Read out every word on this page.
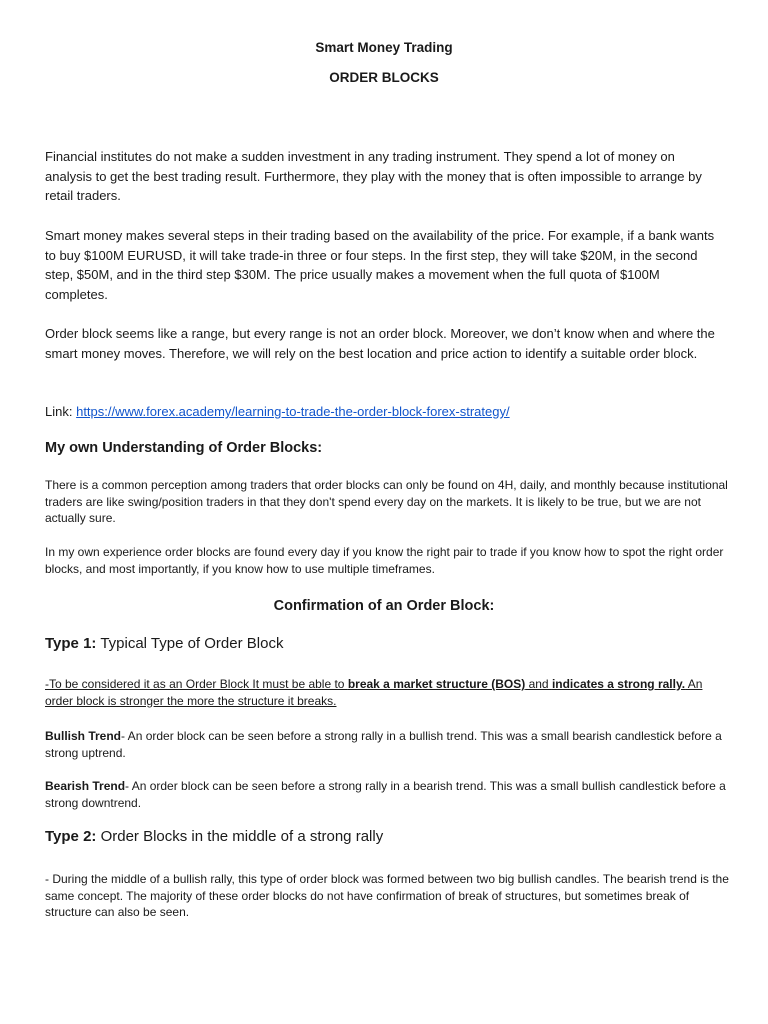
Smart Money Trading
ORDER BLOCKS
Financial institutes do not make a sudden investment in any trading instrument. They spend a lot of money on analysis to get the best trading result. Furthermore, they play with the money that is often impossible to arrange by retail traders.
Smart money makes several steps in their trading based on the availability of the price. For example, if a bank wants to buy $100M EURUSD, it will take trade-in three or four steps. In the first step, they will take $20M, in the second step, $50M, and in the third step $30M. The price usually makes a movement when the full quota of $100M completes.
Order block seems like a range, but every range is not an order block. Moreover, we don’t know when and where the smart money moves. Therefore, we will rely on the best location and price action to identify a suitable order block.
Link: https://www.forex.academy/learning-to-trade-the-order-block-forex-strategy/
My own Understanding of Order Blocks:
There is a common perception among traders that order blocks can only be found on 4H, daily, and monthly because institutional traders are like swing/position traders in that they don't spend every day on the markets. It is likely to be true, but we are not actually sure.
In my own experience order blocks are found every day if you know the right pair to trade if you know how to spot the right order blocks, and most importantly, if you know how to use multiple timeframes.
Confirmation of an Order Block:
Type 1: Typical Type of Order Block
-To be considered it as an Order Block It must be able to break a market structure (BOS) and indicates a strong rally. An order block is stronger the more the structure it breaks.
Bullish Trend- An order block can be seen before a strong rally in a bullish trend. This was a small bearish candlestick before a strong uptrend.
Bearish Trend- An order block can be seen before a strong rally in a bearish trend. This was a small bullish candlestick before a strong downtrend.
Type 2: Order Blocks in the middle of a strong rally
- During the middle of a bullish rally, this type of order block was formed between two big bullish candles. The bearish trend is the same concept. The majority of these order blocks do not have confirmation of break of structures, but sometimes break of structure can also be seen.
